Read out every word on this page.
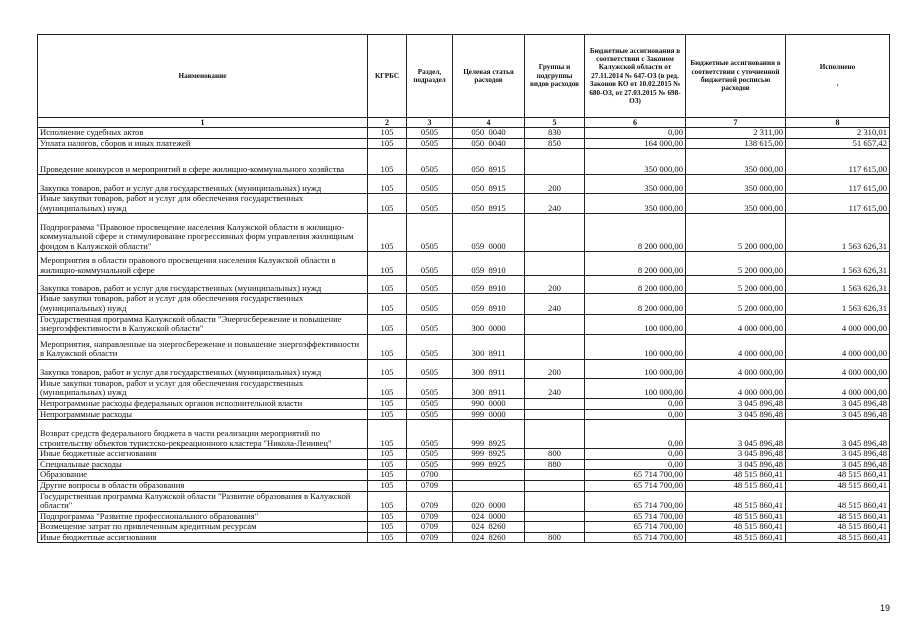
Наименование	КГРБС	Раздел, подраздел	Целевая статья расходов	Группы и подгруппы видов расходов	Бюджетные ассигнования в соответствии с Законом Калужской области от 27.11.2014 № 647-ОЗ (в ред. Законов КО от 10.02.2015 № 680-ОЗ, от 27.03.2015 № 698-ОЗ)	Бюджетные ассигнования в соответствии с уточненной бюджетной росписью расходов	Исполнено
›

1	2	3	4	5	6	7	8
Исполнение судебных актов	105	0505	050  0040	830	0,00	2 311,00	2 310,01
Уплата налогов, сборов и иных платежей	105	0505	050  0040	850	164 000,00	138 615,00	51 657,42
Проведение конкурсов и мероприятий в сфере жилищно-коммунального хозяйства	105	0505	050  8915		350 000,00	350 000,00	117 615,00
Закупка товаров, работ и услуг для государственных (муниципальных) нужд	105	0505	050  8915	200	350 000,00	350 000,00	117 615,00
Иные закупки товаров, работ и услуг для обеспечения государственных (муниципальных) нужд	105	0505	050  8915	240	350 000,00	350 000,00	117 615,00
Подпрограмма "Правовое просвещение населения Калужской области в жилищно-коммунальной сфере и стимулирование прогрессивных форм управления жилищным фондом в Калужской области"	105	0505	059  0000		8 200 000,00	5 200 000,00	1 563 626,31
Мероприятия в области правового просвещения населения Калужской области в жилищно-коммунальной сфере	105	0505	059  8910		8 200 000,00	5 200 000,00	1 563 626,31
Закупка товаров, работ и услуг для государственных (муниципальных) нужд	105	0505	059  8910	200	8 200 000,00	5 200 000,00	1 563 626,31
Иные закупки товаров, работ и услуг для обеспечения государственных (муниципальных) нужд	105	0505	059  8910	240	8 200 000,00	5 200 000,00	1 563 626,31
Государственная программа Калужской области "Энергосбережение и повышение энергоэффективности в Калужской области"	105	0505	300  0000		100 000,00	4 000 000,00	4 000 000,00
Мероприятия, направленные на энергосбережение и повышение энергоэффективности в Калужской области	105	0505	300  8911		100 000,00	4 000 000,00	4 000 000,00
Закупка товаров, работ и услуг для государственных (муниципальных) нужд	105	0505	300  8911	200	100 000,00	4 000 000,00	4 000 000,00
Иные закупки товаров, работ и услуг для обеспечения государственных (муниципальных) нужд	105	0505	300  8911	240	100 000,00	4 000 000,00	4 000 000,00
Непрограммные расходы федеральных органов исполнительной власти	105	0505	990  0000		0,00	3 045 896,48	3 045 896,48
Непрограммные расходы	105	0505	999  0000		0,00	3 045 896,48	3 045 896,48
Возврат средств федерального бюджета в части реализации мероприятий по строительству объектов туристско-рекреационного кластера "Никола-Ленивец"	105	0505	999  8925		0,00	3 045 896,48	3 045 896,48
Иные бюджетные ассигнования	105	0505	999  8925	800	0,00	3 045 896,48	3 045 896,48
Специальные расходы	105	0505	999  8925	880	0,00	3 045 896,48	3 045 896,48
Образование	105	0700			65 714 700,00	48 515 860,41	48 515 860,41
Другие вопросы в области образования	105	0709			65 714 700,00	48 515 860,41	48 515 860,41
Государственная программа Калужской области "Развитие образования в Калужской области"	105	0709	020  0000		65 714 700,00	48 515 860,41	48 515 860,41
Подпрограмма "Развитие профессионального образования"	105	0709	024  0000		65 714 700,00	48 515 860,41	48 515 860,41
Возмещение затрат по привлеченным кредитным ресурсам	105	0709	024  8260		65 714 700,00	48 515 860,41	48 515 860,41
Иные бюджетные ассигнования	105	0709	024  8260	800	65 714 700,00	48 515 860,41	48 515 860,41
19
